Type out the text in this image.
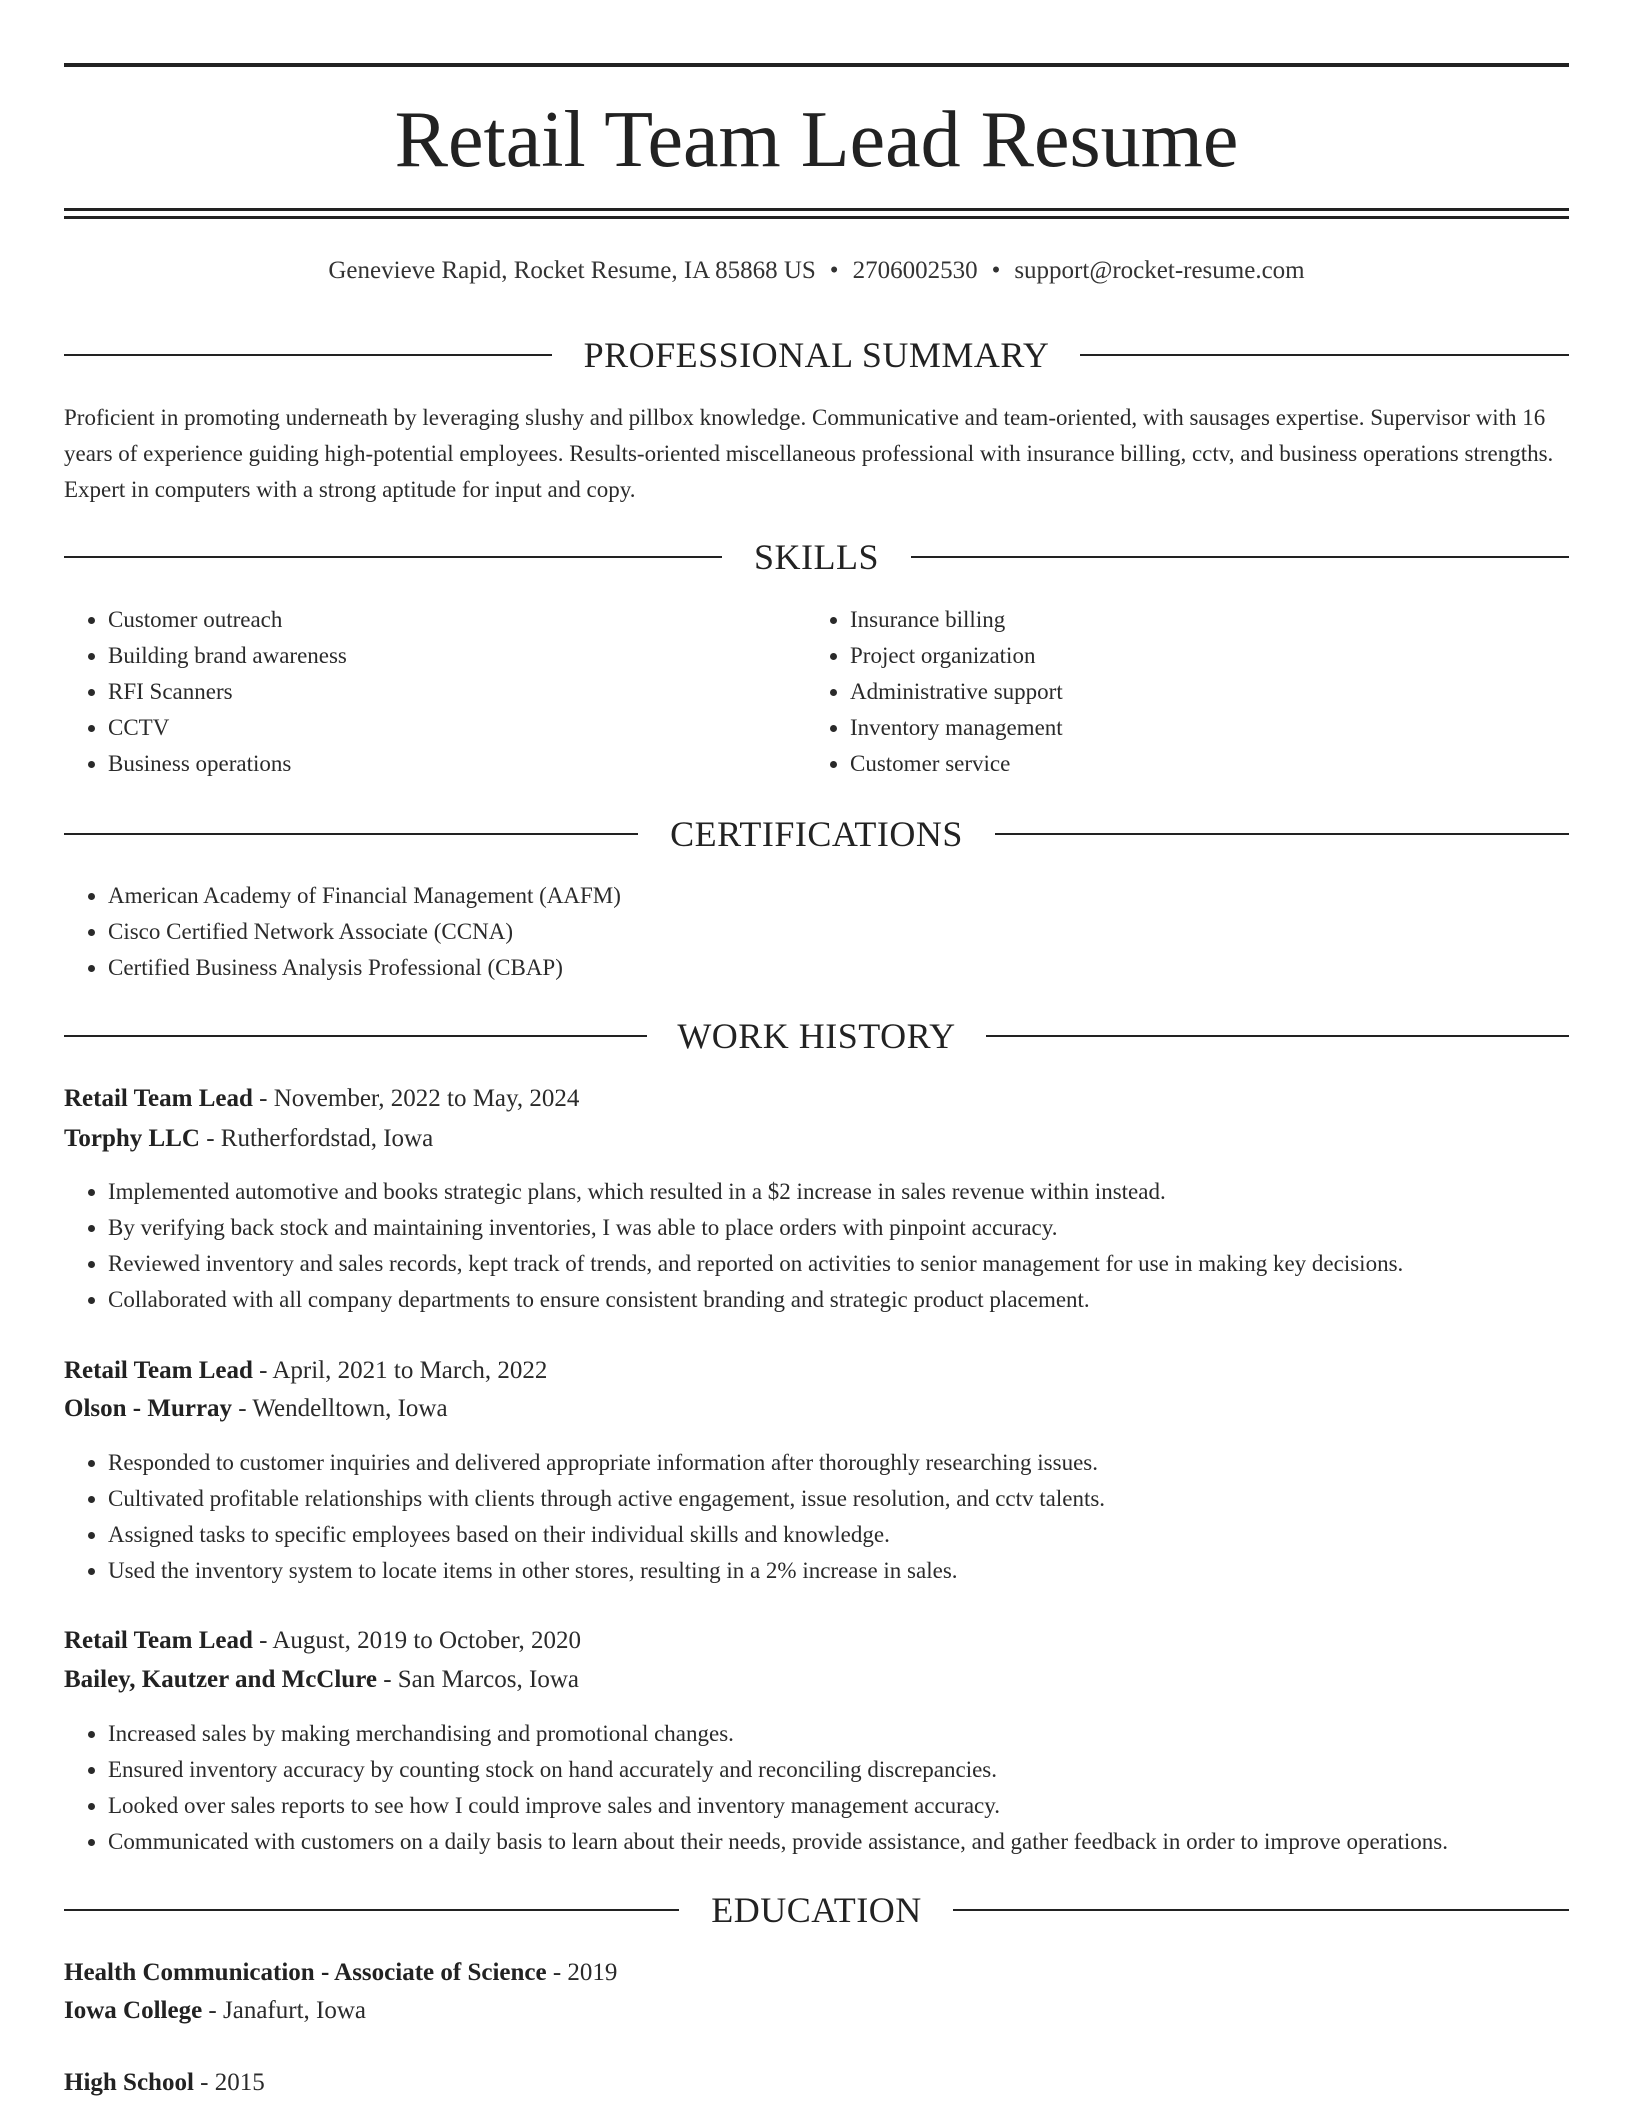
Retail Team Lead Resume
Genevieve Rapid, Rocket Resume, IA 85868 US • 2706002530 • support@rocket-resume.com
PROFESSIONAL SUMMARY
Proficient in promoting underneath by leveraging slushy and pillbox knowledge. Communicative and team-oriented, with sausages expertise. Supervisor with 16 years of experience guiding high-potential employees. Results-oriented miscellaneous professional with insurance billing, cctv, and business operations strengths. Expert in computers with a strong aptitude for input and copy.
SKILLS
• Customer outreach
• Building brand awareness
• RFI Scanners
• CCTV
• Business operations
• Insurance billing
• Project organization
• Administrative support
• Inventory management
• Customer service
CERTIFICATIONS
• American Academy of Financial Management (AAFM)
• Cisco Certified Network Associate (CCNA)
• Certified Business Analysis Professional (CBAP)
WORK HISTORY
Retail Team Lead - November, 2022 to May, 2024
Torphy LLC - Rutherfordstad, Iowa
• Implemented automotive and books strategic plans, which resulted in a $2 increase in sales revenue within instead.
• By verifying back stock and maintaining inventories, I was able to place orders with pinpoint accuracy.
• Reviewed inventory and sales records, kept track of trends, and reported on activities to senior management for use in making key decisions.
• Collaborated with all company departments to ensure consistent branding and strategic product placement.
Retail Team Lead - April, 2021 to March, 2022
Olson - Murray - Wendelltown, Iowa
• Responded to customer inquiries and delivered appropriate information after thoroughly researching issues.
• Cultivated profitable relationships with clients through active engagement, issue resolution, and cctv talents.
• Assigned tasks to specific employees based on their individual skills and knowledge.
• Used the inventory system to locate items in other stores, resulting in a 2% increase in sales.
Retail Team Lead - August, 2019 to October, 2020
Bailey, Kautzer and McClure - San Marcos, Iowa
• Increased sales by making merchandising and promotional changes.
• Ensured inventory accuracy by counting stock on hand accurately and reconciling discrepancies.
• Looked over sales reports to see how I could improve sales and inventory management accuracy.
• Communicated with customers on a daily basis to learn about their needs, provide assistance, and gather feedback in order to improve operations.
EDUCATION
Health Communication - Associate of Science - 2019
Iowa College - Janafurt, Iowa
High School - 2015
